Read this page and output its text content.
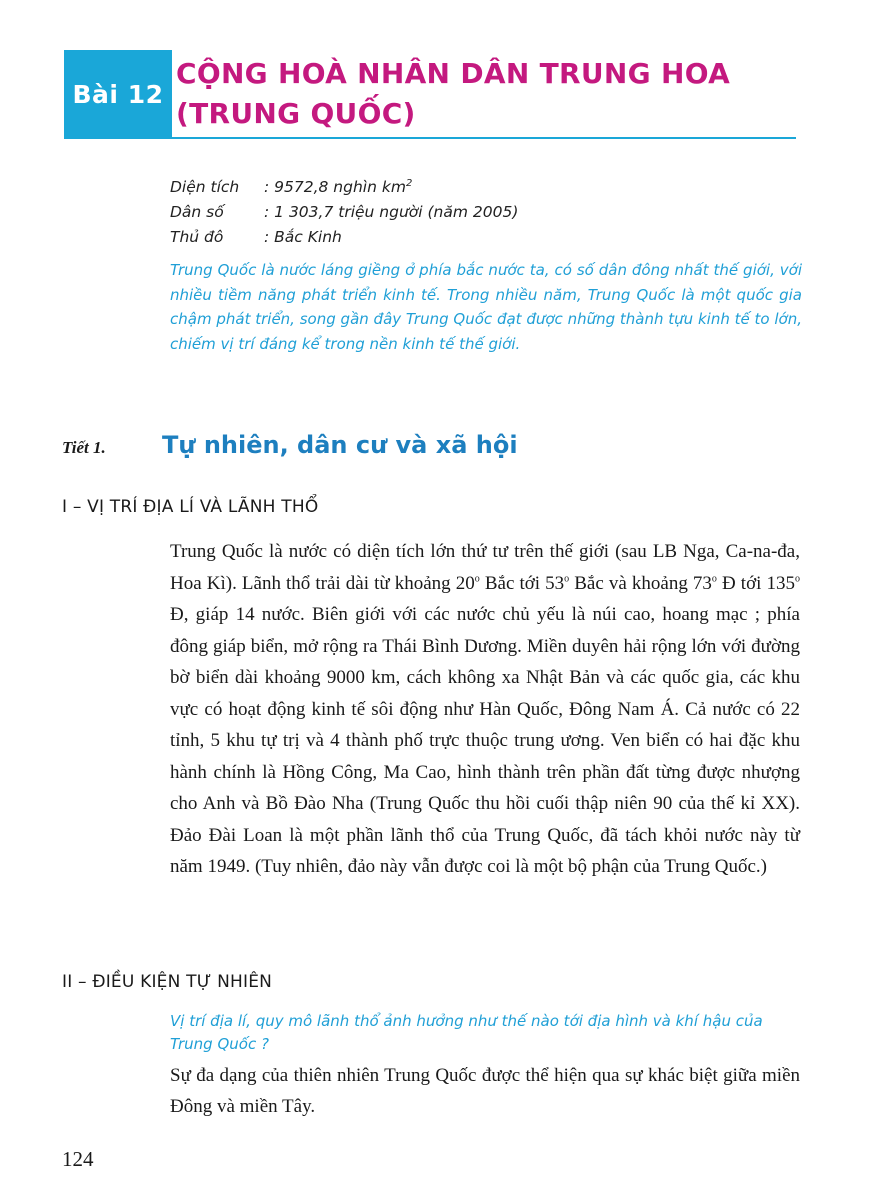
Bài 12
CỘNG HOÀ NHÂN DÂN TRUNG HOA
(TRUNG QUỐC)
Diện tích	: 9572,8 nghìn $km^2$
Dân số	: 1 303,7 triệu người (năm 2005)
Thủ đô	: Bắc Kinh
Trung Quốc là nước láng giềng ở phía bắc nước ta, có số dân đông nhất thế giới, với nhiều tiềm năng phát triển kinh tế. Trong nhiều năm, Trung Quốc là một quốc gia chậm phát triển, song gần đây Trung Quốc đạt được những thành tựu kinh tế to lớn, chiếm vị trí đáng kể trong nền kinh tế thế giới.
Tiết 1.	Tự nhiên, dân cư và xã hội
I – VỊ TRÍ ĐỊA LÍ VÀ LÃNH THỔ
Trung Quốc là nước có diện tích lớn thứ tư trên thế giới (sau LB Nga, Ca-na-đa, Hoa Kì). Lãnh thổ trải dài từ khoảng 20$^o$ Bắc tới 53$^o$ Bắc và khoảng 73$^o$ Đ tới 135$^o$ Đ, giáp 14 nước. Biên giới với các nước chủ yếu là núi cao, hoang mạc ; phía đông giáp biển, mở rộng ra Thái Bình Dương. Miền duyên hải rộng lớn với đường bờ biển dài khoảng 9000 km, cách không xa Nhật Bản và các quốc gia, các khu vực có hoạt động kinh tế sôi động như Hàn Quốc, Đông Nam Á. Cả nước có 22 tỉnh, 5 khu tự trị và 4 thành phố trực thuộc trung ương. Ven biển có hai đặc khu hành chính là Hồng Công, Ma Cao, hình thành trên phần đất từng được nhượng cho Anh và Bồ Đào Nha (Trung Quốc thu hồi cuối thập niên 90 của thế kỉ XX). Đảo Đài Loan là một phần lãnh thổ của Trung Quốc, đã tách khỏi nước này từ năm 1949. (Tuy nhiên, đảo này vẫn được coi là một bộ phận của Trung Quốc.)
II – ĐIỀU KIỆN TỰ NHIÊN
Vị trí địa lí, quy mô lãnh thổ ảnh hưởng như thế nào tới địa hình và khí hậu của Trung Quốc ?
Sự đa dạng của thiên nhiên Trung Quốc được thể hiện qua sự khác biệt giữa miền Đông và miền Tây.
124
